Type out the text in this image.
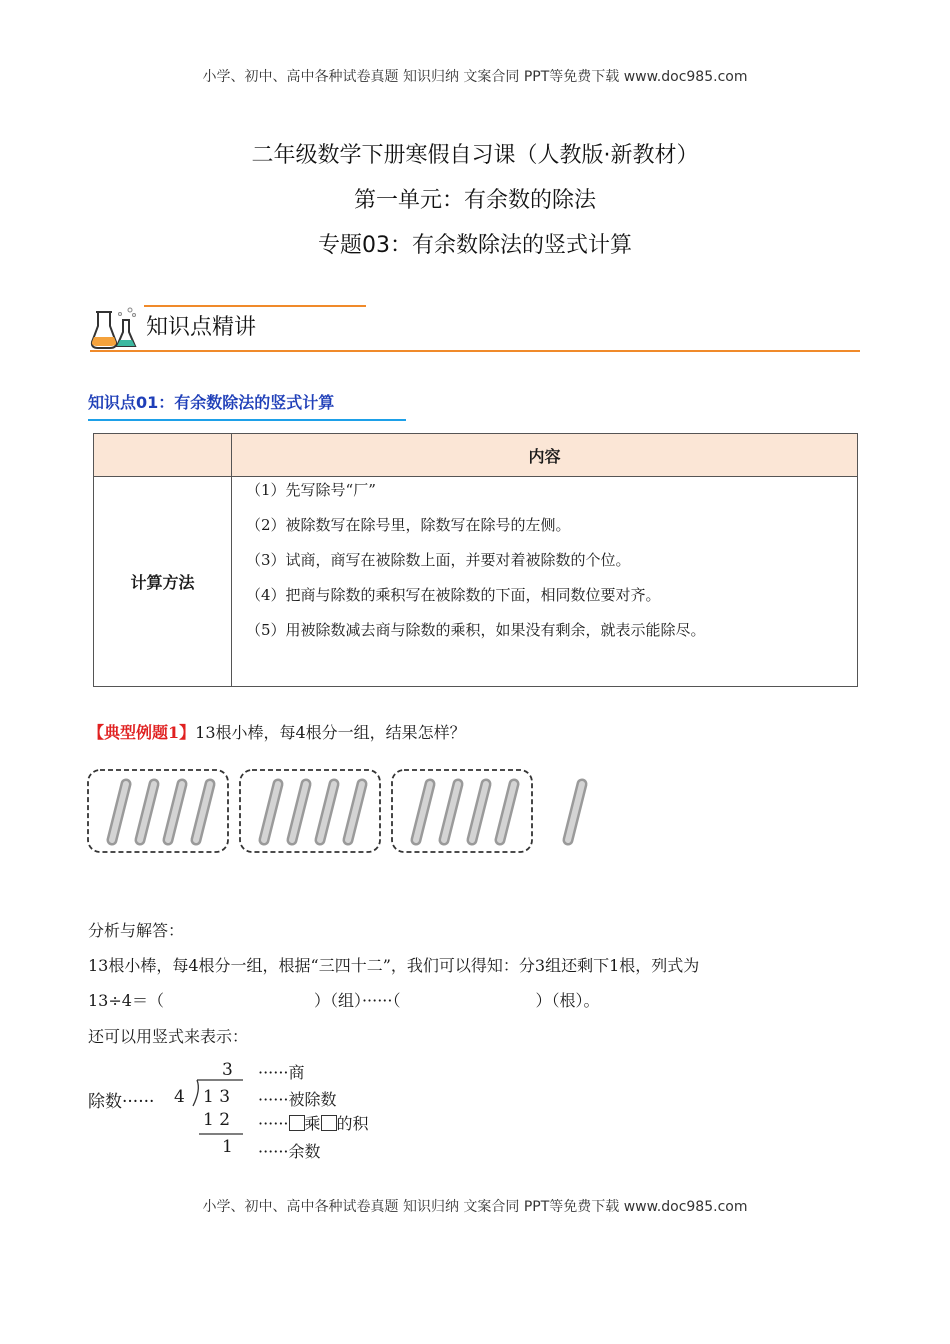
小学、初中、高中各种试卷真题 知识归纳 文案合同 PPT等免费下载 www.doc985.com
二年级数学下册寒假自习课（人教版·新教材）
第一单元：有余数的除法
专题03：有余数除法的竖式计算
知识点精讲
知识点01：有余数除法的竖式计算
	内容
计算方法	（1）先写除号“厂”
（2）被除数写在除号里，除数写在除号的左侧。
（3）试商，商写在被除数上面，并要对着被除数的个位。
（4）把商与除数的乘积写在被除数的下面，相同数位要对齐。
（5）用被除数减去商与除数的乘积，如果没有剩余，就表示能除尽。
【典型例题1】13根小棒，每4根分一组，结果怎样？
分析与解答：
13根小棒，每4根分一组，根据“三四十二”，我们可以得知：分3组还剩下1根，列式为
13÷4＝（	）（组）······（	）（根）。
还可以用竖式来表示：
除数······ 4
3
1 3
1 2
1
······商
······被除数
······ 乘 的积
······余数
小学、初中、高中各种试卷真题 知识归纳 文案合同 PPT等免费下载 www.doc985.com
